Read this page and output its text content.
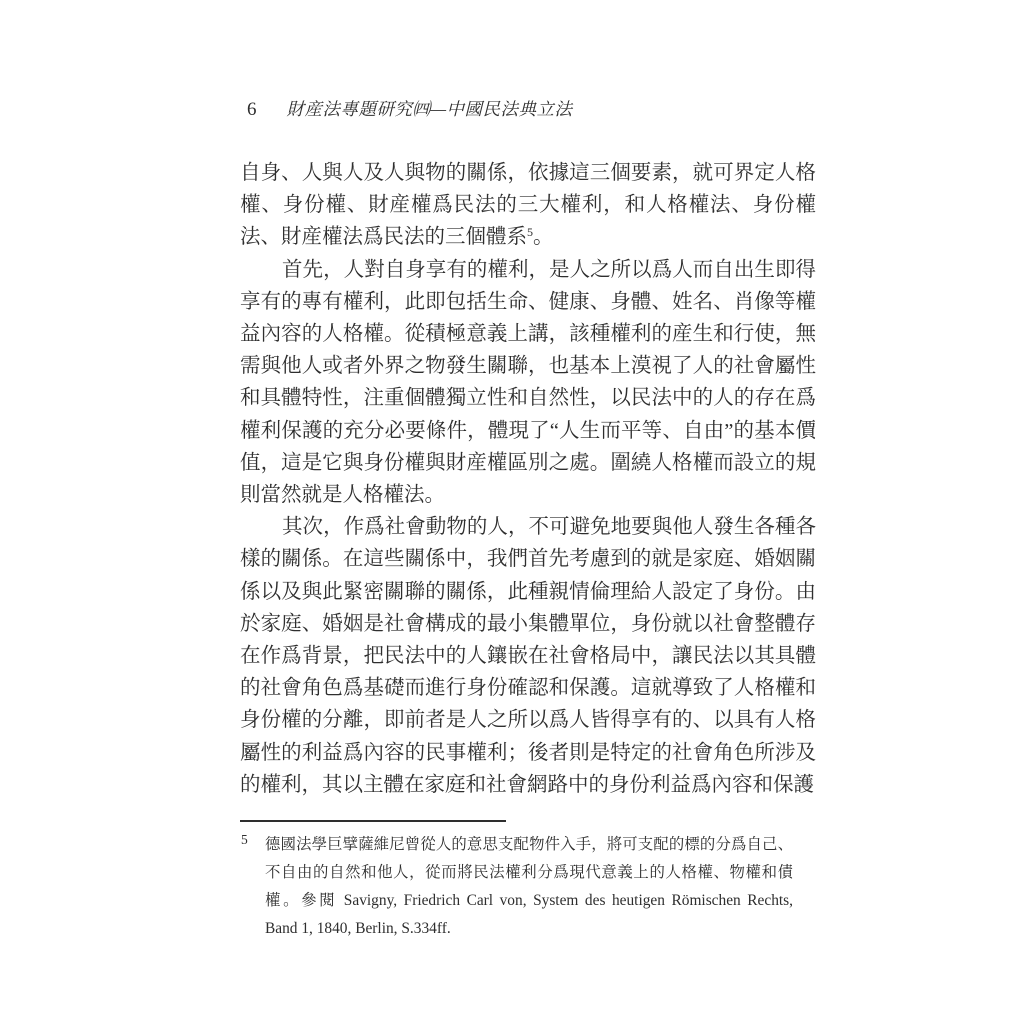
6 財産法專題研究㈣—中國民法典立法

自身、人與人及人與物的關係，依據這三個要素，就可界定人格權、身份權、財産權爲民法的三大權利，和人格權法、身份權法、財産權法爲民法的三個體系$^5$。

首先，人對自身享有的權利，是人之所以爲人而自出生即得享有的專有權利，此即包括生命、健康、身體、姓名、肖像等權益內容的人格權。從積極意義上講，該種權利的産生和行使，無需與他人或者外界之物發生關聯，也基本上漠視了人的社會屬性和具體特性，注重個體獨立性和自然性，以民法中的人的存在爲權利保護的充分必要條件，體現了“人生而平等、自由”的基本價值，這是它與身份權與財産權區別之處。圍繞人格權而設立的規則當然就是人格權法。

其次，作爲社會動物的人，不可避免地要與他人發生各種各樣的關係。在這些關係中，我們首先考慮到的就是家庭、婚姻關係以及與此緊密關聯的關係，此種親情倫理給人設定了身份。由於家庭、婚姻是社會構成的最小集體單位，身份就以社會整體存在作爲背景，把民法中的人鑲嵌在社會格局中，讓民法以其具體的社會角色爲基礎而進行身份確認和保護。這就導致了人格權和身份權的分離，即前者是人之所以爲人皆得享有的、以具有人格屬性的利益爲內容的民事權利；後者則是特定的社會角色所涉及的權利，其以主體在家庭和社會網路中的身份利益爲內容和保護

5	德國法學巨擘薩維尼曾從人的意思支配物件入手，將可支配的標的分爲自己、不自由的自然和他人，從而將民法權利分爲現代意義上的人格權、物權和債權。參閱 Savigny, Friedrich Carl von, System des heutigen Römischen Rechts, Band 1, 1840, Berlin, S.334ff.
